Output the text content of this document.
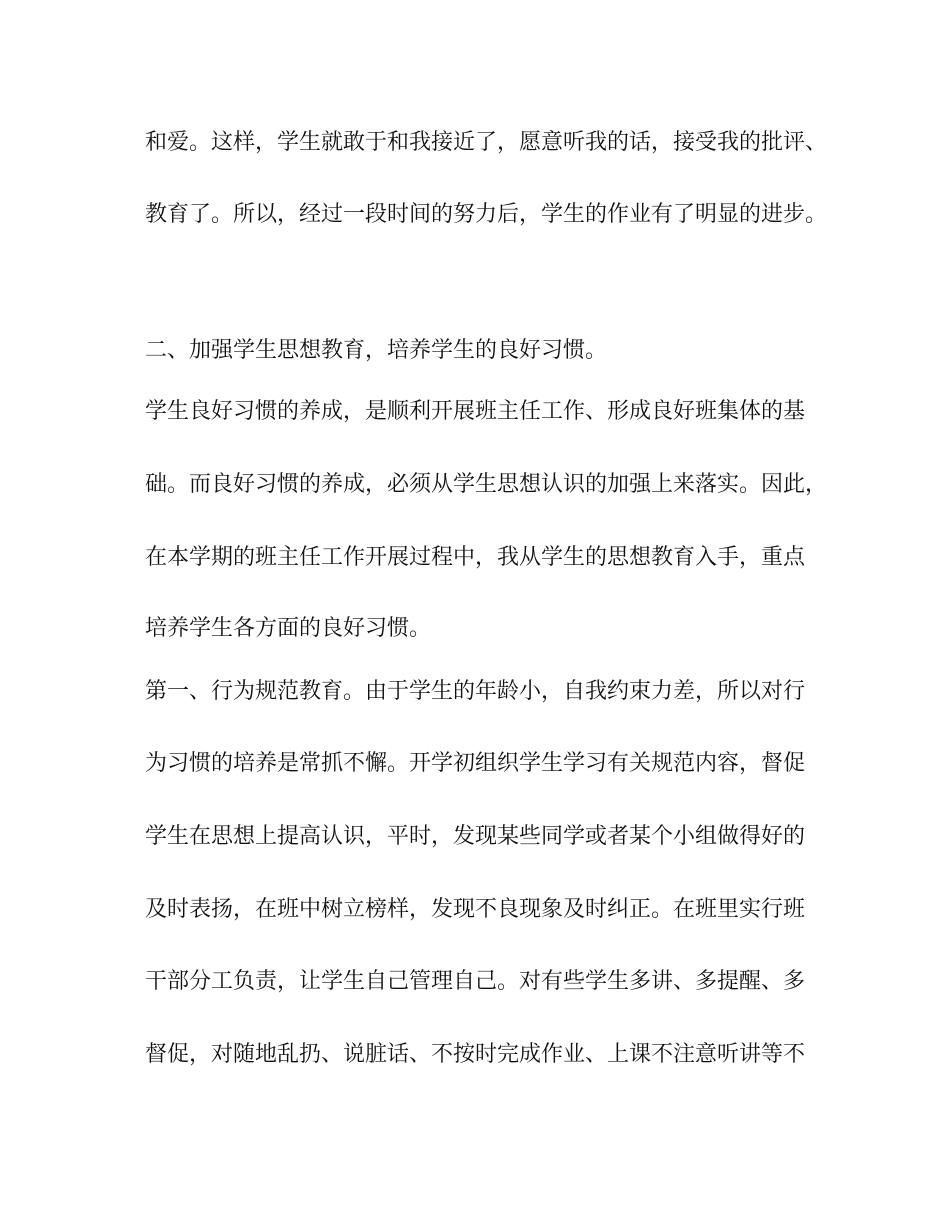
和爱。这样，学生就敢于和我接近了，愿意听我的话，接受我的批评、
教育了。所以，经过一段时间的努力后，学生的作业有了明显的进步。
二、加强学生思想教育，培养学生的良好习惯。
学生良好习惯的养成，是顺利开展班主任工作、形成良好班集体的基
础。而良好习惯的养成，必须从学生思想认识的加强上来落实。因此，
在本学期的班主任工作开展过程中，我从学生的思想教育入手，重点
培养学生各方面的良好习惯。
第一、行为规范教育。由于学生的年龄小，自我约束力差，所以对行
为习惯的培养是常抓不懈。开学初组织学生学习有关规范内容，督促
学生在思想上提高认识，平时，发现某些同学或者某个小组做得好的
及时表扬，在班中树立榜样，发现不良现象及时纠正。在班里实行班
干部分工负责，让学生自己管理自己。对有些学生多讲、多提醒、多
督促，对随地乱扔、说脏话、不按时完成作业、上课不注意听讲等不
